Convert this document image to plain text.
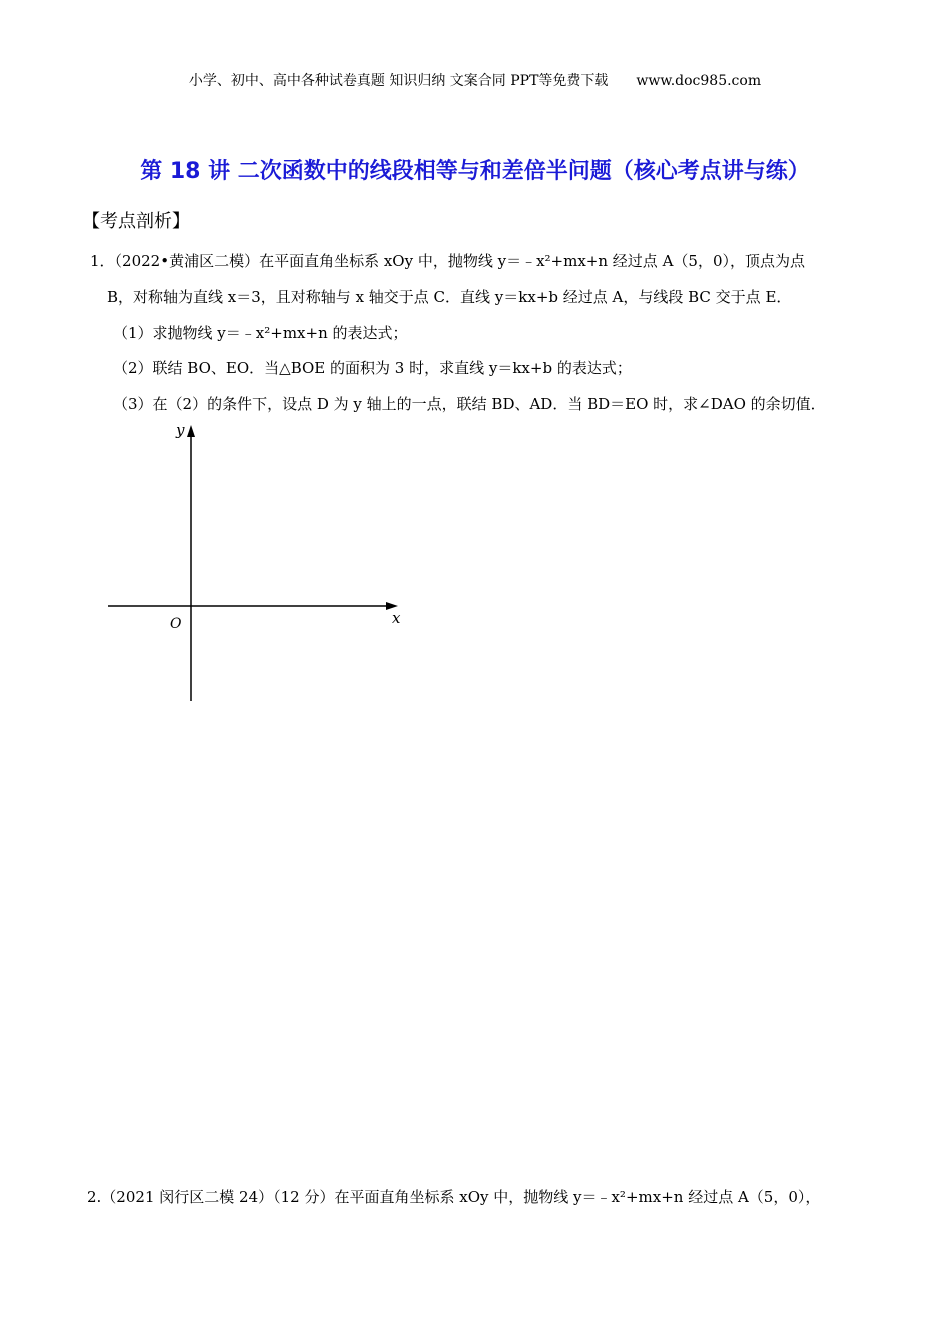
小学、初中、高中各种试卷真题 知识归纳 文案合同 PPT等免费下载　　www.doc985.com
第 18 讲 二次函数中的线段相等与和差倍半问题（核心考点讲与练）
【考点剖析】
1．（2022•黄浦区二模）在平面直角坐标系 xOy 中，抛物线 y＝﹣x²+mx+n 经过点 A（5，0），顶点为点
B，对称轴为直线 x＝3，且对称轴与 x 轴交于点 C．直线 y＝kx+b 经过点 A，与线段 BC 交于点 E．
（1）求抛物线 y＝﹣x²+mx+n 的表达式；
（2）联结 BO、EO．当△BOE 的面积为 3 时，求直线 y＝kx+b 的表达式；
（3）在（2）的条件下，设点 D 为 y 轴上的一点，联结 BD、AD．当 BD＝EO 时，求∠DAO 的余切值．
y
x
O
2.（2021 闵行区二模 24）（12 分）在平面直角坐标系 xOy 中，抛物线 y＝﹣x²+mx+n 经过点 A（5，0），
